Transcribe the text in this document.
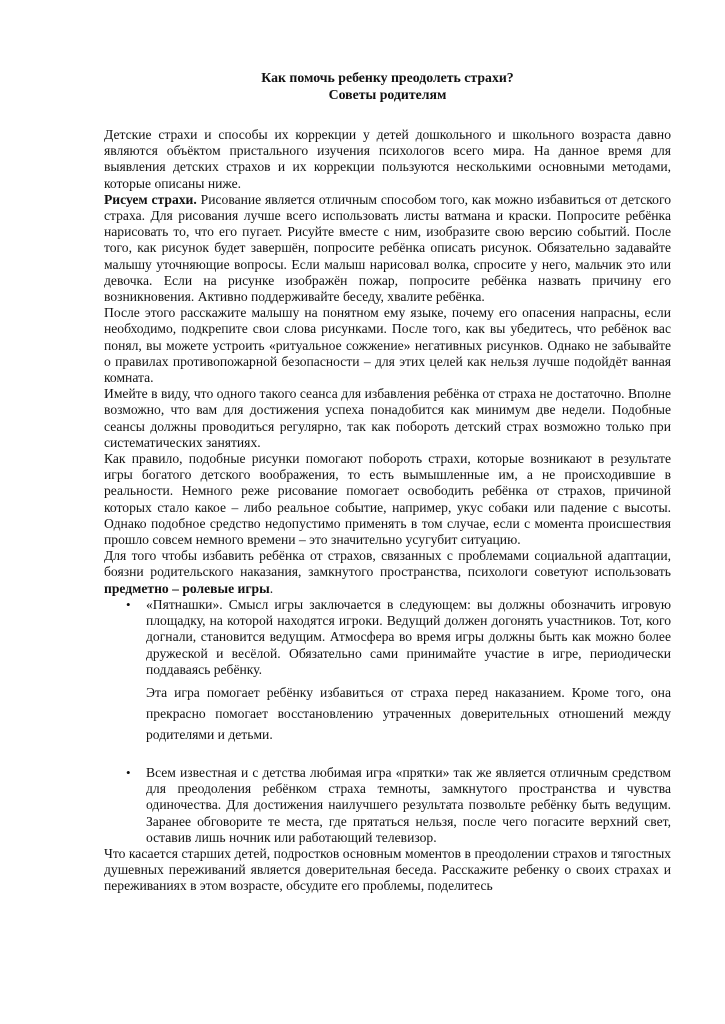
Как помочь ребенку преодолеть страхи?
Советы родителям

Детские страхи и способы их коррекции у детей дошкольного и школьного возраста давно являются объёктом пристального изучения психологов всего мира. На данное время для выявления детских страхов и их коррекции пользуются несколькими основными методами, которые описаны ниже.

Рисуем страхи. Рисование является отличным способом того, как можно избавиться от детского страха. Для рисования лучше всего использовать листы ватмана и краски. Попросите ребёнка нарисовать то, что его пугает. Рисуйте вместе с ним, изобразите свою версию событий. После того, как рисунок будет завершён, попросите ребёнка описать рисунок. Обязательно задавайте малышу уточняющие вопросы. Если малыш нарисовал волка, спросите у него, мальчик это или девочка. Если на рисунке изображён пожар, попросите ребёнка назвать причину его возникновения. Активно поддерживайте беседу, хвалите ребёнка.

После этого расскажите малышу на понятном ему языке, почему его опасения напрасны, если необходимо, подкрепите свои слова рисунками. После того, как вы убедитесь, что ребёнок вас понял, вы можете устроить «ритуальное сожжение» негативных рисунков. Однако не забывайте о правилах противопожарной безопасности – для этих целей как нельзя лучше подойдёт ванная комната.

Имейте в виду, что одного такого сеанса для избавления ребёнка от страха не достаточно. Вполне возможно, что вам для достижения успеха понадобится как минимум две недели. Подобные сеансы должны проводиться регулярно, так как побороть детский страх возможно только при систематических занятиях.

Как правило, подобные рисунки помогают побороть страхи, которые возникают в результате игры богатого детского воображения, то есть вымышленные им, а не происходившие в реальности. Немного реже рисование помогает освободить ребёнка от страхов, причиной которых стало какое – либо реальное событие, например, укус собаки или падение с высоты. Однако подобное средство недопустимо применять в том случае, если с момента происшествия прошло совсем немного времени – это значительно усугубит ситуацию.

Для того чтобы избавить ребёнка от страхов, связанных с проблемами социальной адаптации, боязни родительского наказания, замкнутого пространства, психологи советуют использовать предметно – ролевые игры.

• «Пятнашки». Смысл игры заключается в следующем: вы должны обозначить игровую площадку, на которой находятся игроки. Ведущий должен догонять участников. Тот, кого догнали, становится ведущим. Атмосфера во время игры должны быть как можно более дружеской и весёлой. Обязательно сами принимайте участие в игре, периодически поддаваясь ребёнку.
Эта игра помогает ребёнку избавиться от страха перед наказанием. Кроме того, она прекрасно помогает восстановлению утраченных доверительных отношений между родителями и детьми.
• Всем известная и с детства любимая игра «прятки» так же является отличным средством для преодоления ребёнком страха темноты, замкнутого пространства и чувства одиночества. Для достижения наилучшего результата позвольте ребёнку быть ведущим. Заранее обговорите те места, где прятаться нельзя, после чего погасите верхний свет, оставив лишь ночник или работающий телевизор.

Что касается старших детей, подростков основным моментов в преодолении страхов и тягостных душевных переживаний является доверительная беседа. Расскажите ребенку о своих страхах и переживаниях в этом возрасте, обсудите его проблемы, поделитесь
